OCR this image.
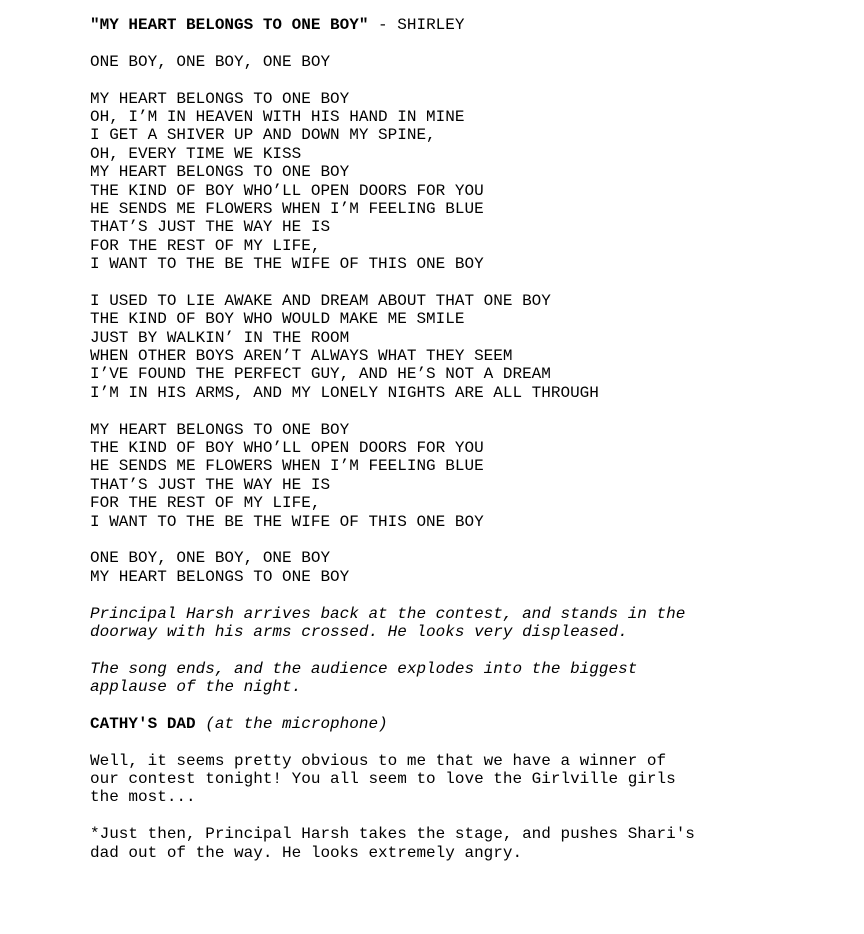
"MY HEART BELONGS TO ONE BOY" - SHIRLEY
ONE BOY, ONE BOY, ONE BOY
MY HEART BELONGS TO ONE BOY
OH, I’M IN HEAVEN WITH HIS HAND IN MINE
I GET A SHIVER UP AND DOWN MY SPINE,
OH, EVERY TIME WE KISS
MY HEART BELONGS TO ONE BOY
THE KIND OF BOY WHO’LL OPEN DOORS FOR YOU
HE SENDS ME FLOWERS WHEN I’M FEELING BLUE
THAT’S JUST THE WAY HE IS
FOR THE REST OF MY LIFE,
I WANT TO THE BE THE WIFE OF THIS ONE BOY
I USED TO LIE AWAKE AND DREAM ABOUT THAT ONE BOY
THE KIND OF BOY WHO WOULD MAKE ME SMILE
JUST BY WALKIN’ IN THE ROOM
WHEN OTHER BOYS AREN’T ALWAYS WHAT THEY SEEM
I’VE FOUND THE PERFECT GUY, AND HE’S NOT A DREAM
I’M IN HIS ARMS, AND MY LONELY NIGHTS ARE ALL THROUGH
MY HEART BELONGS TO ONE BOY
THE KIND OF BOY WHO’LL OPEN DOORS FOR YOU
HE SENDS ME FLOWERS WHEN I’M FEELING BLUE
THAT’S JUST THE WAY HE IS
FOR THE REST OF MY LIFE,
I WANT TO THE BE THE WIFE OF THIS ONE BOY
ONE BOY, ONE BOY, ONE BOY
MY HEART BELONGS TO ONE BOY
Principal Harsh arrives back at the contest, and stands in the
doorway with his arms crossed. He looks very displeased.
The song ends, and the audience explodes into the biggest
applause of the night.
CATHY'S DAD (at the microphone)
Well, it seems pretty obvious to me that we have a winner of
our contest tonight! You all seem to love the Girlville girls
the most...
*Just then, Principal Harsh takes the stage, and pushes Shari's
dad out of the way. He looks extremely angry.
